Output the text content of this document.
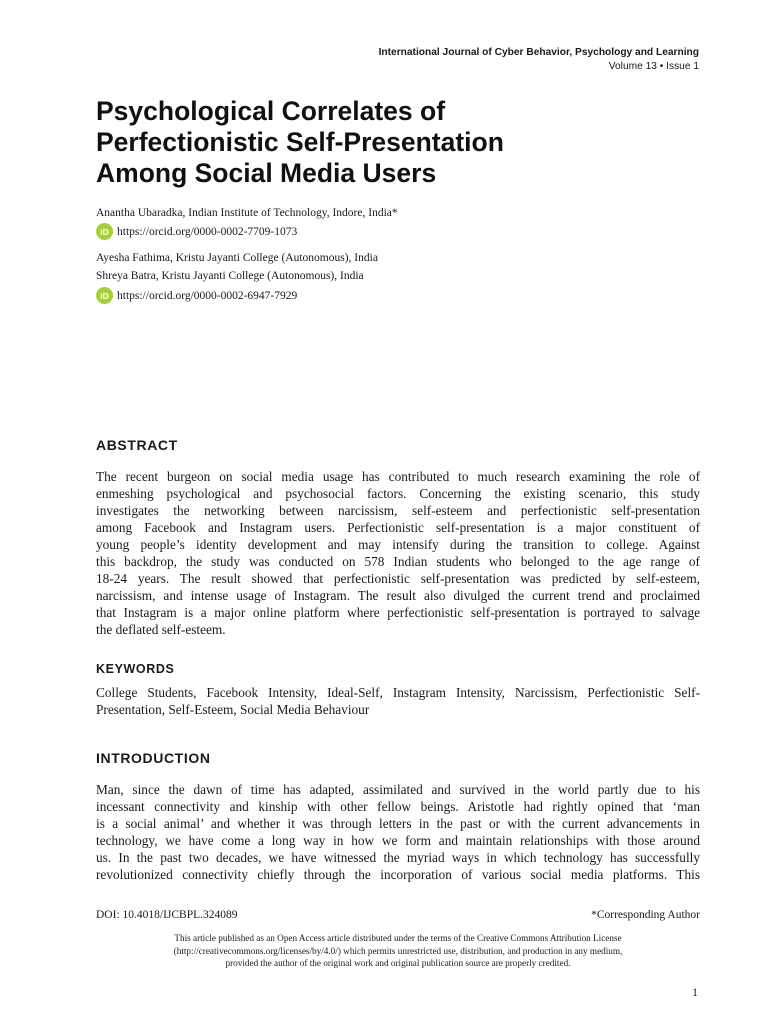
International Journal of Cyber Behavior, Psychology and Learning
Volume 13 • Issue 1
Psychological Correlates of
Perfectionistic Self-Presentation
Among Social Media Users
Anantha Ubaradka, Indian Institute of Technology, Indore, India*
iD https://orcid.org/0000-0002-7709-1073
Ayesha Fathima, Kristu Jayanti College (Autonomous), India
Shreya Batra, Kristu Jayanti College (Autonomous), India
iD https://orcid.org/0000-0002-6947-7929
ABSTRACT
The recent burgeon on social media usage has contributed to much research examining the role of
enmeshing psychological and psychosocial factors. Concerning the existing scenario, this study
investigates the networking between narcissism, self-esteem and perfectionistic self-presentation
among Facebook and Instagram users. Perfectionistic self-presentation is a major constituent of
young people’s identity development and may intensify during the transition to college. Against
this backdrop, the study was conducted on 578 Indian students who belonged to the age range of
18-24 years. The result showed that perfectionistic self-presentation was predicted by self-esteem,
narcissism, and intense usage of Instagram. The result also divulged the current trend and proclaimed
that Instagram is a major online platform where perfectionistic self-presentation is portrayed to salvage
the deflated self-esteem.
KEYWORDS
College Students, Facebook Intensity, Ideal-Self, Instagram Intensity, Narcissism, Perfectionistic Self-
Presentation, Self-Esteem, Social Media Behaviour
INTRODUCTION
Man, since the dawn of time has adapted, assimilated and survived in the world partly due to his
incessant connectivity and kinship with other fellow beings. Aristotle had rightly opined that ‘man
is a social animal’ and whether it was through letters in the past or with the current advancements in
technology, we have come a long way in how we form and maintain relationships with those around
us. In the past two decades, we have witnessed the myriad ways in which technology has successfully
revolutionized connectivity chiefly through the incorporation of various social media platforms. This
DOI: 10.4018/IJCBPL.324089	*Corresponding Author
This article published as an Open Access article distributed under the terms of the Creative Commons Attribution License
(http://creativecommons.org/licenses/by/4.0/) which permits unrestricted use, distribution, and production in any medium,
provided the author of the original work and original publication source are properly credited.
1
